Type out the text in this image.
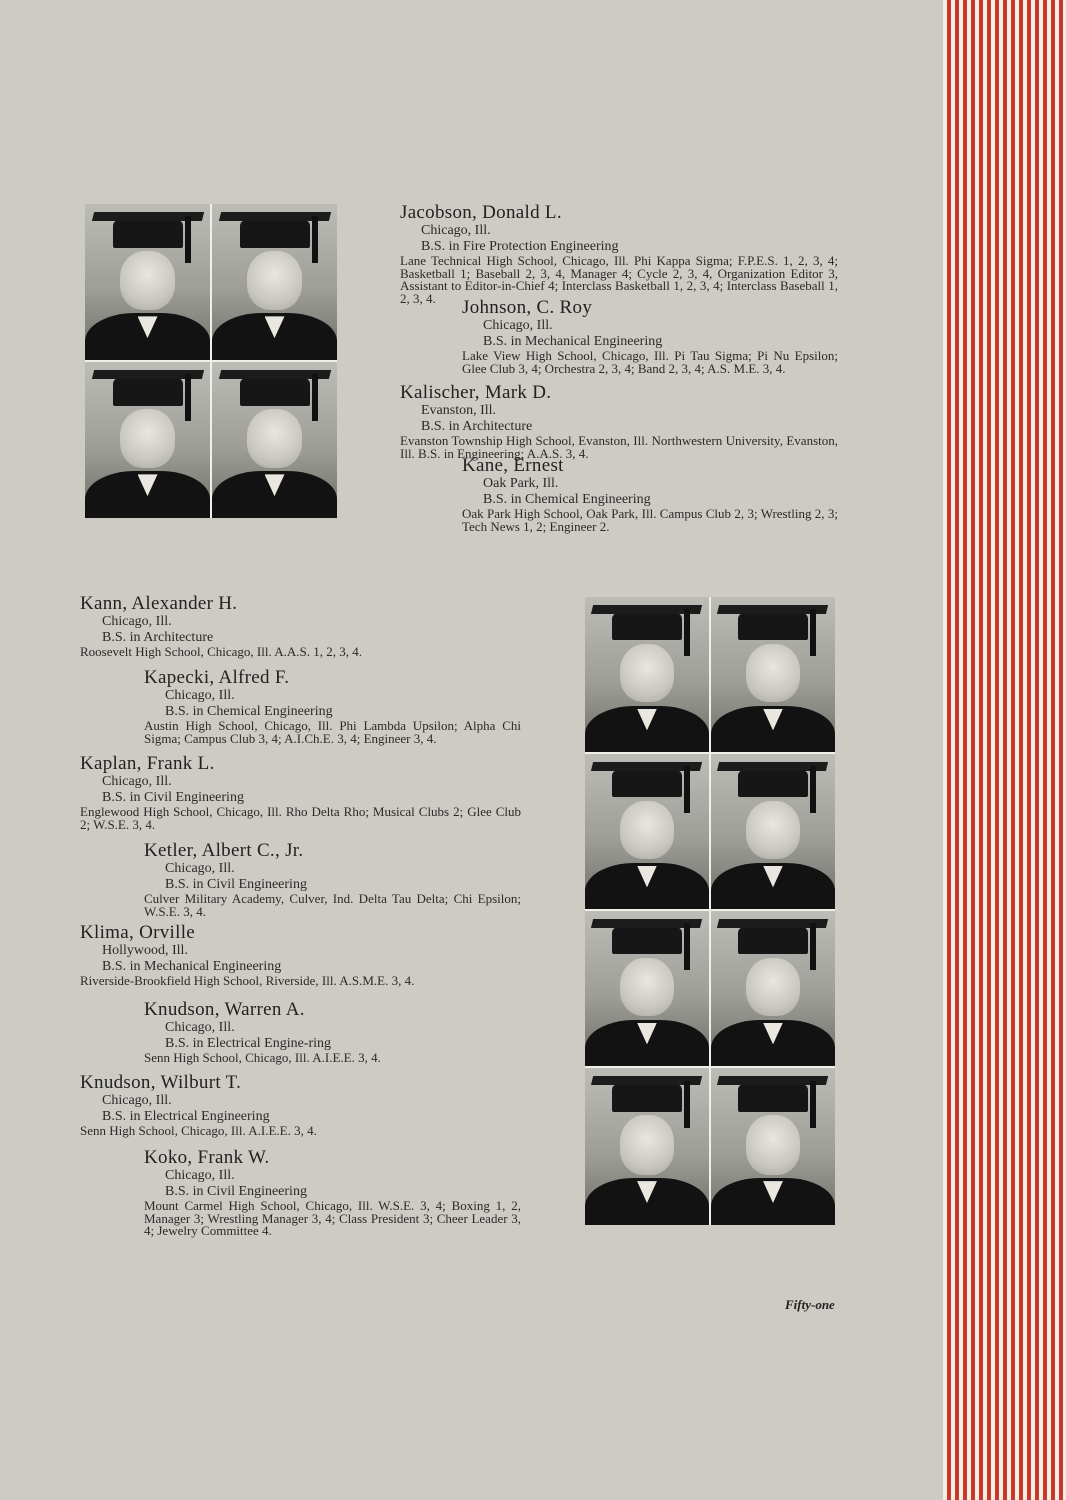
Jacobson, Donald L.
Chicago, Ill.
B.S. in Fire Protection Engineering
Lane Technical High School, Chicago, Ill. Phi Kappa Sigma; F.P.E.S. 1, 2, 3, 4; Basketball 1; Baseball 2, 3, 4, Manager 4; Cycle 2, 3, 4, Organization Editor 3, Assistant to Editor-in-Chief 4; Interclass Basketball 1, 2, 3, 4; Interclass Baseball 1, 2, 3, 4.	Johnson, C. Roy
Chicago, Ill.
B.S. in Mechanical Engineering
Lake View High School, Chicago, Ill. Pi Tau Sigma; Pi Nu Epsilon; Glee Club 3, 4; Orchestra 2, 3, 4; Band 2, 3, 4; A.S. M.E. 3, 4.
Kalischer, Mark D.
Evanston, Ill.
B.S. in Architecture
Evanston Township High School, Evanston, Ill. Northwestern University, Evanston, Ill. B.S. in Engineering; A.A.S. 3, 4.
Kane, Ernest
Oak Park, Ill.
B.S. in Chemical Engineering
Oak Park High School, Oak Park, Ill. Campus Club 2, 3; Wrestling 2, 3; Tech News 1, 2; Engineer 2.
Kann, Alexander H.
Chicago, Ill.
B.S. in Architecture
Roosevelt High School, Chicago, Ill. A.A.S. 1, 2, 3, 4.
Kapecki, Alfred F.
Chicago, Ill.
B.S. in Chemical Engineering
Austin High School, Chicago, Ill. Phi Lambda Upsilon; Alpha Chi Sigma; Campus Club 3, 4; A.I.Ch.E. 3, 4; Engineer 3, 4.
Kaplan, Frank L.
Chicago, Ill.
B.S. in Civil Engineering
Englewood High School, Chicago, Ill. Rho Delta Rho; Musical Clubs 2; Glee Club 2; W.S.E. 3, 4.
Ketler, Albert C., Jr.
Chicago, Ill.
B.S. in Civil Engineering
Culver Military Academy, Culver, Ind. Delta Tau Delta; Chi Epsilon; W.S.E. 3, 4.
Klima, Orville
Hollywood, Ill.
B.S. in Mechanical Engineering
Riverside-Brookfield High School, Riverside, Ill. A.S.M.E. 3, 4.
Knudson, Warren A.
Chicago, Ill.
B.S. in Electrical Engine-ring
Senn High School, Chicago, Ill. A.I.E.E. 3, 4.
Knudson, Wilburt T.
Chicago, Ill.
B.S. in Electrical Engineering
Senn High School, Chicago, Ill. A.I.E.E. 3, 4.
Koko, Frank W.
Chicago, Ill.
B.S. in Civil Engineering
Mount Carmel High School, Chicago, Ill. W.S.E. 3, 4; Boxing 1, 2, Manager 3; Wrestling Manager 3, 4; Class President 3; Cheer Leader 3, 4; Jewelry Committee 4.
Fifty-one
